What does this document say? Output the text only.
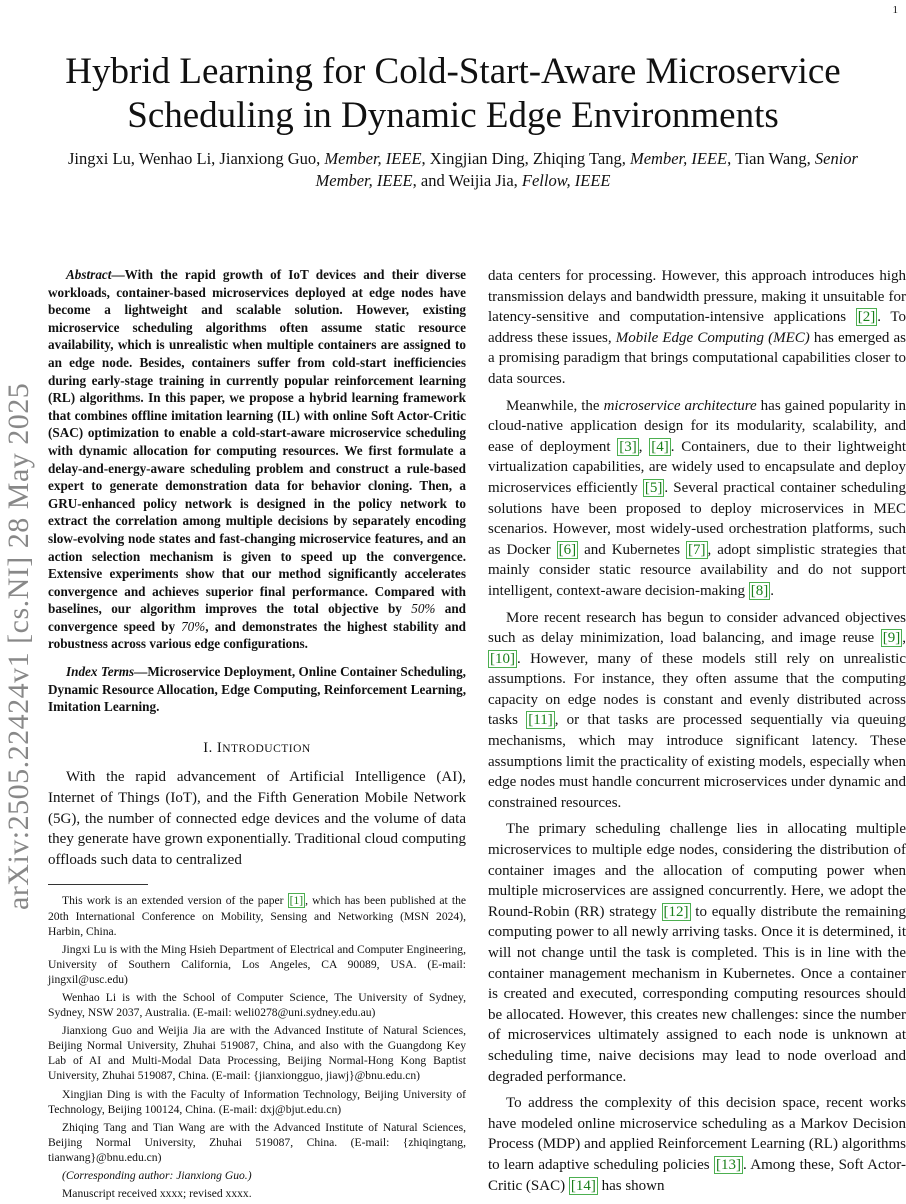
1
arXiv:2505.22424v1 [cs.NI] 28 May 2025
Hybrid Learning for Cold-Start-Aware Microservice
Scheduling in Dynamic Edge Environments
Jingxi Lu, Wenhao Li, Jianxiong Guo, Member, IEEE, Xingjian Ding, Zhiqing Tang, Member, IEEE, Tian Wang, Senior Member, IEEE, and Weijia Jia, Fellow, IEEE
Abstract—With the rapid growth of IoT devices and their diverse workloads, container-based microservices deployed at edge nodes have become a lightweight and scalable solution. However, existing microservice scheduling algorithms often assume static resource availability, which is unrealistic when multiple containers are assigned to an edge node. Besides, containers suffer from cold-start inefficiencies during early-stage training in currently popular reinforcement learning (RL) algorithms. In this paper, we propose a hybrid learning framework that combines offline imitation learning (IL) with online Soft Actor-Critic (SAC) optimization to enable a cold-start-aware microservice scheduling with dynamic allocation for computing resources. We first formulate a delay-and-energy-aware scheduling problem and construct a rule-based expert to generate demonstration data for behavior cloning. Then, a GRU-enhanced policy network is designed in the policy network to extract the correlation among multiple decisions by separately encoding slow-evolving node states and fast-changing microservice features, and an action selection mechanism is given to speed up the convergence. Extensive experiments show that our method significantly accelerates convergence and achieves superior final performance. Compared with baselines, our algorithm improves the total objective by 50% and convergence speed by 70%, and demonstrates the highest stability and robustness across various edge configurations.
Index Terms—Microservice Deployment, Online Container Scheduling, Dynamic Resource Allocation, Edge Computing, Reinforcement Learning, Imitation Learning.
I. INTRODUCTION

With the rapid advancement of Artificial Intelligence (AI), Internet of Things (IoT), and the Fifth Generation Mobile Network (5G), the number of connected edge devices and the volume of data they generate have grown exponentially. Traditional cloud computing offloads such data to centralized

This work is an extended version of the paper [1] , which has been published at the 20th International Conference on Mobility, Sensing and Networking (MSN 2024), Harbin, China.

Jingxi Lu is with the Ming Hsieh Department of Electrical and Computer Engineering, University of Southern California, Los Angeles, CA 90089, USA. (E-mail: jingxil@usc.edu)

Wenhao Li is with the School of Computer Science, The University of Sydney, Sydney, NSW 2037, Australia. (E-mail: weli0278@uni.sydney.edu.au)

Jianxiong Guo and Weijia Jia are with the Advanced Institute of Natural Sciences, Beijing Normal University, Zhuhai 519087, China, and also with the Guangdong Key Lab of AI and Multi-Modal Data Processing, Beijing Normal-Hong Kong Baptist University, Zhuhai 519087, China. (E-mail: {jianxiongguo, jiawj}@bnu.edu.cn)

Xingjian Ding is with the Faculty of Information Technology, Beijing University of Technology, Beijing 100124, China. (E-mail: dxj@bjut.edu.cn)

Zhiqing Tang and Tian Wang are with the Advanced Institute of Natural Sciences, Beijing Normal University, Zhuhai 519087, China. (E-mail: {zhiqingtang, tianwang}@bnu.edu.cn)

(Corresponding author: Jianxiong Guo.)

Manuscript received xxxx; revised xxxx.

data centers for processing. However, this approach introduces high transmission delays and bandwidth pressure, making it unsuitable for latency-sensitive and computation-intensive applications [2] . To address these issues, Mobile Edge Computing (MEC) has emerged as a promising paradigm that brings computational capabilities closer to data sources.

Meanwhile, the microservice architecture has gained popularity in cloud-native application design for its modularity, scalability, and ease of deployment [3] , [4] . Containers, due to their lightweight virtualization capabilities, are widely used to encapsulate and deploy microservices efficiently [5] . Several practical container scheduling solutions have been proposed to deploy microservices in MEC scenarios. However, most widely-used orchestration platforms, such as Docker [6] and Kubernetes [7] , adopt simplistic strategies that mainly consider static resource availability and do not support intelligent, context-aware decision-making [8] .

More recent research has begun to consider advanced objectives such as delay minimization, load balancing, and image reuse [9] , [10] . However, many of these models still rely on unrealistic assumptions. For instance, they often assume that the computing capacity on edge nodes is constant and evenly distributed across tasks [11] , or that tasks are processed sequentially via queuing mechanisms, which may introduce significant latency. These assumptions limit the practicality of existing models, especially when edge nodes must handle concurrent microservices under dynamic and constrained resources.

The primary scheduling challenge lies in allocating multiple microservices to multiple edge nodes, considering the distribution of container images and the allocation of computing power when multiple microservices are assigned concurrently. Here, we adopt the Round-Robin (RR) strategy [12] to equally distribute the remaining computing power to all newly arriving tasks. Once it is determined, it will not change until the task is completed. This is in line with the container management mechanism in Kubernetes. Once a container is created and executed, corresponding computing resources should be allocated. However, this creates new challenges: since the number of microservices ultimately assigned to each node is unknown at scheduling time, naive decisions may lead to node overload and degraded performance.

To address the complexity of this decision space, recent works have modeled online microservice scheduling as a Markov Decision Process (MDP) and applied Reinforcement Learning (RL) algorithms to learn adaptive scheduling policies [13] . Among these, Soft Actor-Critic (SAC) [14] has shown
